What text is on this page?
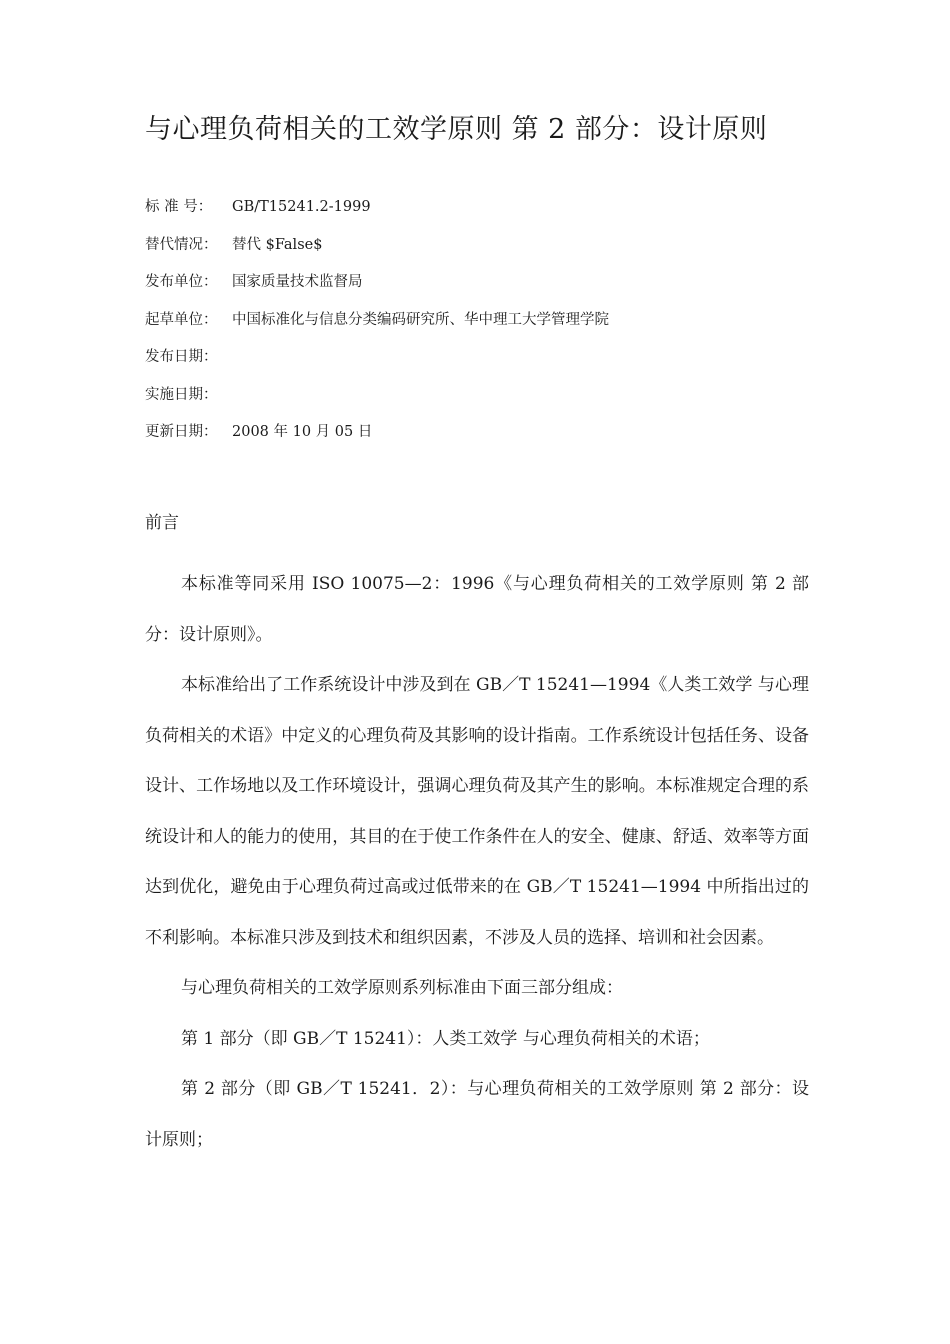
与心理负荷相关的工效学原则 第 2 部分：设计原则
标 准 号： GB/T15241.2-1999
替代情况： 替代 $False$
发布单位： 国家质量技术监督局
起草单位： 中国标准化与信息分类编码研究所、华中理工大学管理学院
发布日期：
实施日期：
更新日期： 2008 年 10 月 05 日
前言

本标准等同采用 ISO 10075—2：1996《与心理负荷相关的工效学原则 第 2 部分：设计原则》。

本标准给出了工作系统设计中涉及到在 GB／T 15241—1994《人类工效学 与心理负荷相关的术语》中定义的心理负荷及其影响的设计指南。工作系统设计包括任务、设备设计、工作场地以及工作环境设计，强调心理负荷及其产生的影响。本标准规定合理的系统设计和人的能力的使用，其目的在于使工作条件在人的安全、健康、舒适、效率等方面达到优化，避免由于心理负荷过高或过低带来的在 GB／T 15241—1994 中所指出过的不利影响。本标准只涉及到技术和组织因素，不涉及人员的选择、培训和社会因素。

与心理负荷相关的工效学原则系列标准由下面三部分组成：

第 1 部分（即 GB／T 15241）：人类工效学 与心理负荷相关的术语；

第 2 部分（即 GB／T 15241．2）：与心理负荷相关的工效学原则 第 2 部分：设计原则；
